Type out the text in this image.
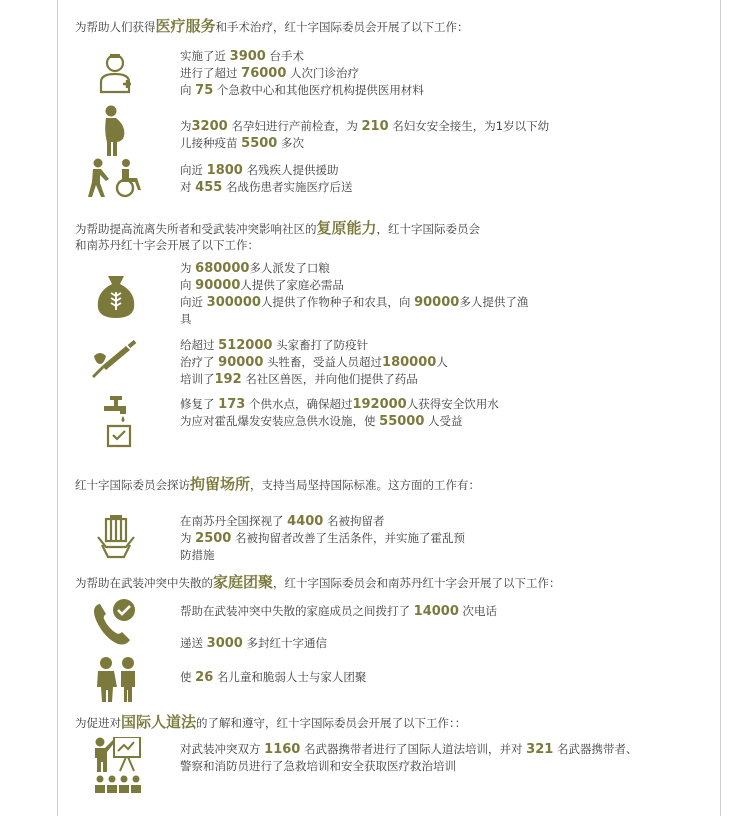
为帮助人们获得医疗服务和手术治疗，红十字国际委员会开展了以下工作：
实施了近 3900 台手术
进行了超过 76000 人次门诊治疗
向 75 个急救中心和其他医疗机构提供医用材料
为3200 名孕妇进行产前检查，为 210 名妇女安全接生，为1岁以下幼
儿接种疫苗 5500 多次
向近 1800 名残疾人提供援助
对 455 名战伤患者实施医疗后送
为帮助提高流离失所者和受武装冲突影响社区的复原能力，红十字国际委员会
和南苏丹红十字会开展了以下工作：
为 680000多人派发了口粮
向 90000人提供了家庭必需品
向近 300000人提供了作物种子和农具，向 90000多人提供了渔
具
给超过 512000 头家畜打了防疫针
治疗了 90000 头牲畜，受益人员超过180000人
培训了192 名社区兽医，并向他们提供了药品
修复了 173 个供水点，确保超过192000人获得安全饮用水
为应对霍乱爆发安装应急供水设施，使 55000 人受益
红十字国际委员会探访拘留场所，支持当局坚持国际标准。这方面的工作有：
在南苏丹全国探视了 4400 名被拘留者
为 2500 名被拘留者改善了生活条件，并实施了霍乱预
防措施
为帮助在武装冲突中失散的家庭团聚，红十字国际委员会和南苏丹红十字会开展了以下工作：
帮助在武装冲突中失散的家庭成员之间拨打了 14000 次电话
递送 3000 多封红十字通信
使 26 名儿童和脆弱人士与家人团聚
为促进对国际人道法的了解和遵守，红十字国际委员会开展了以下工作：：
对武装冲突双方 1160 名武器携带者进行了国际人道法培训，并对 321 名武器携带者、
警察和消防员进行了急救培训和安全获取医疗救治培训
